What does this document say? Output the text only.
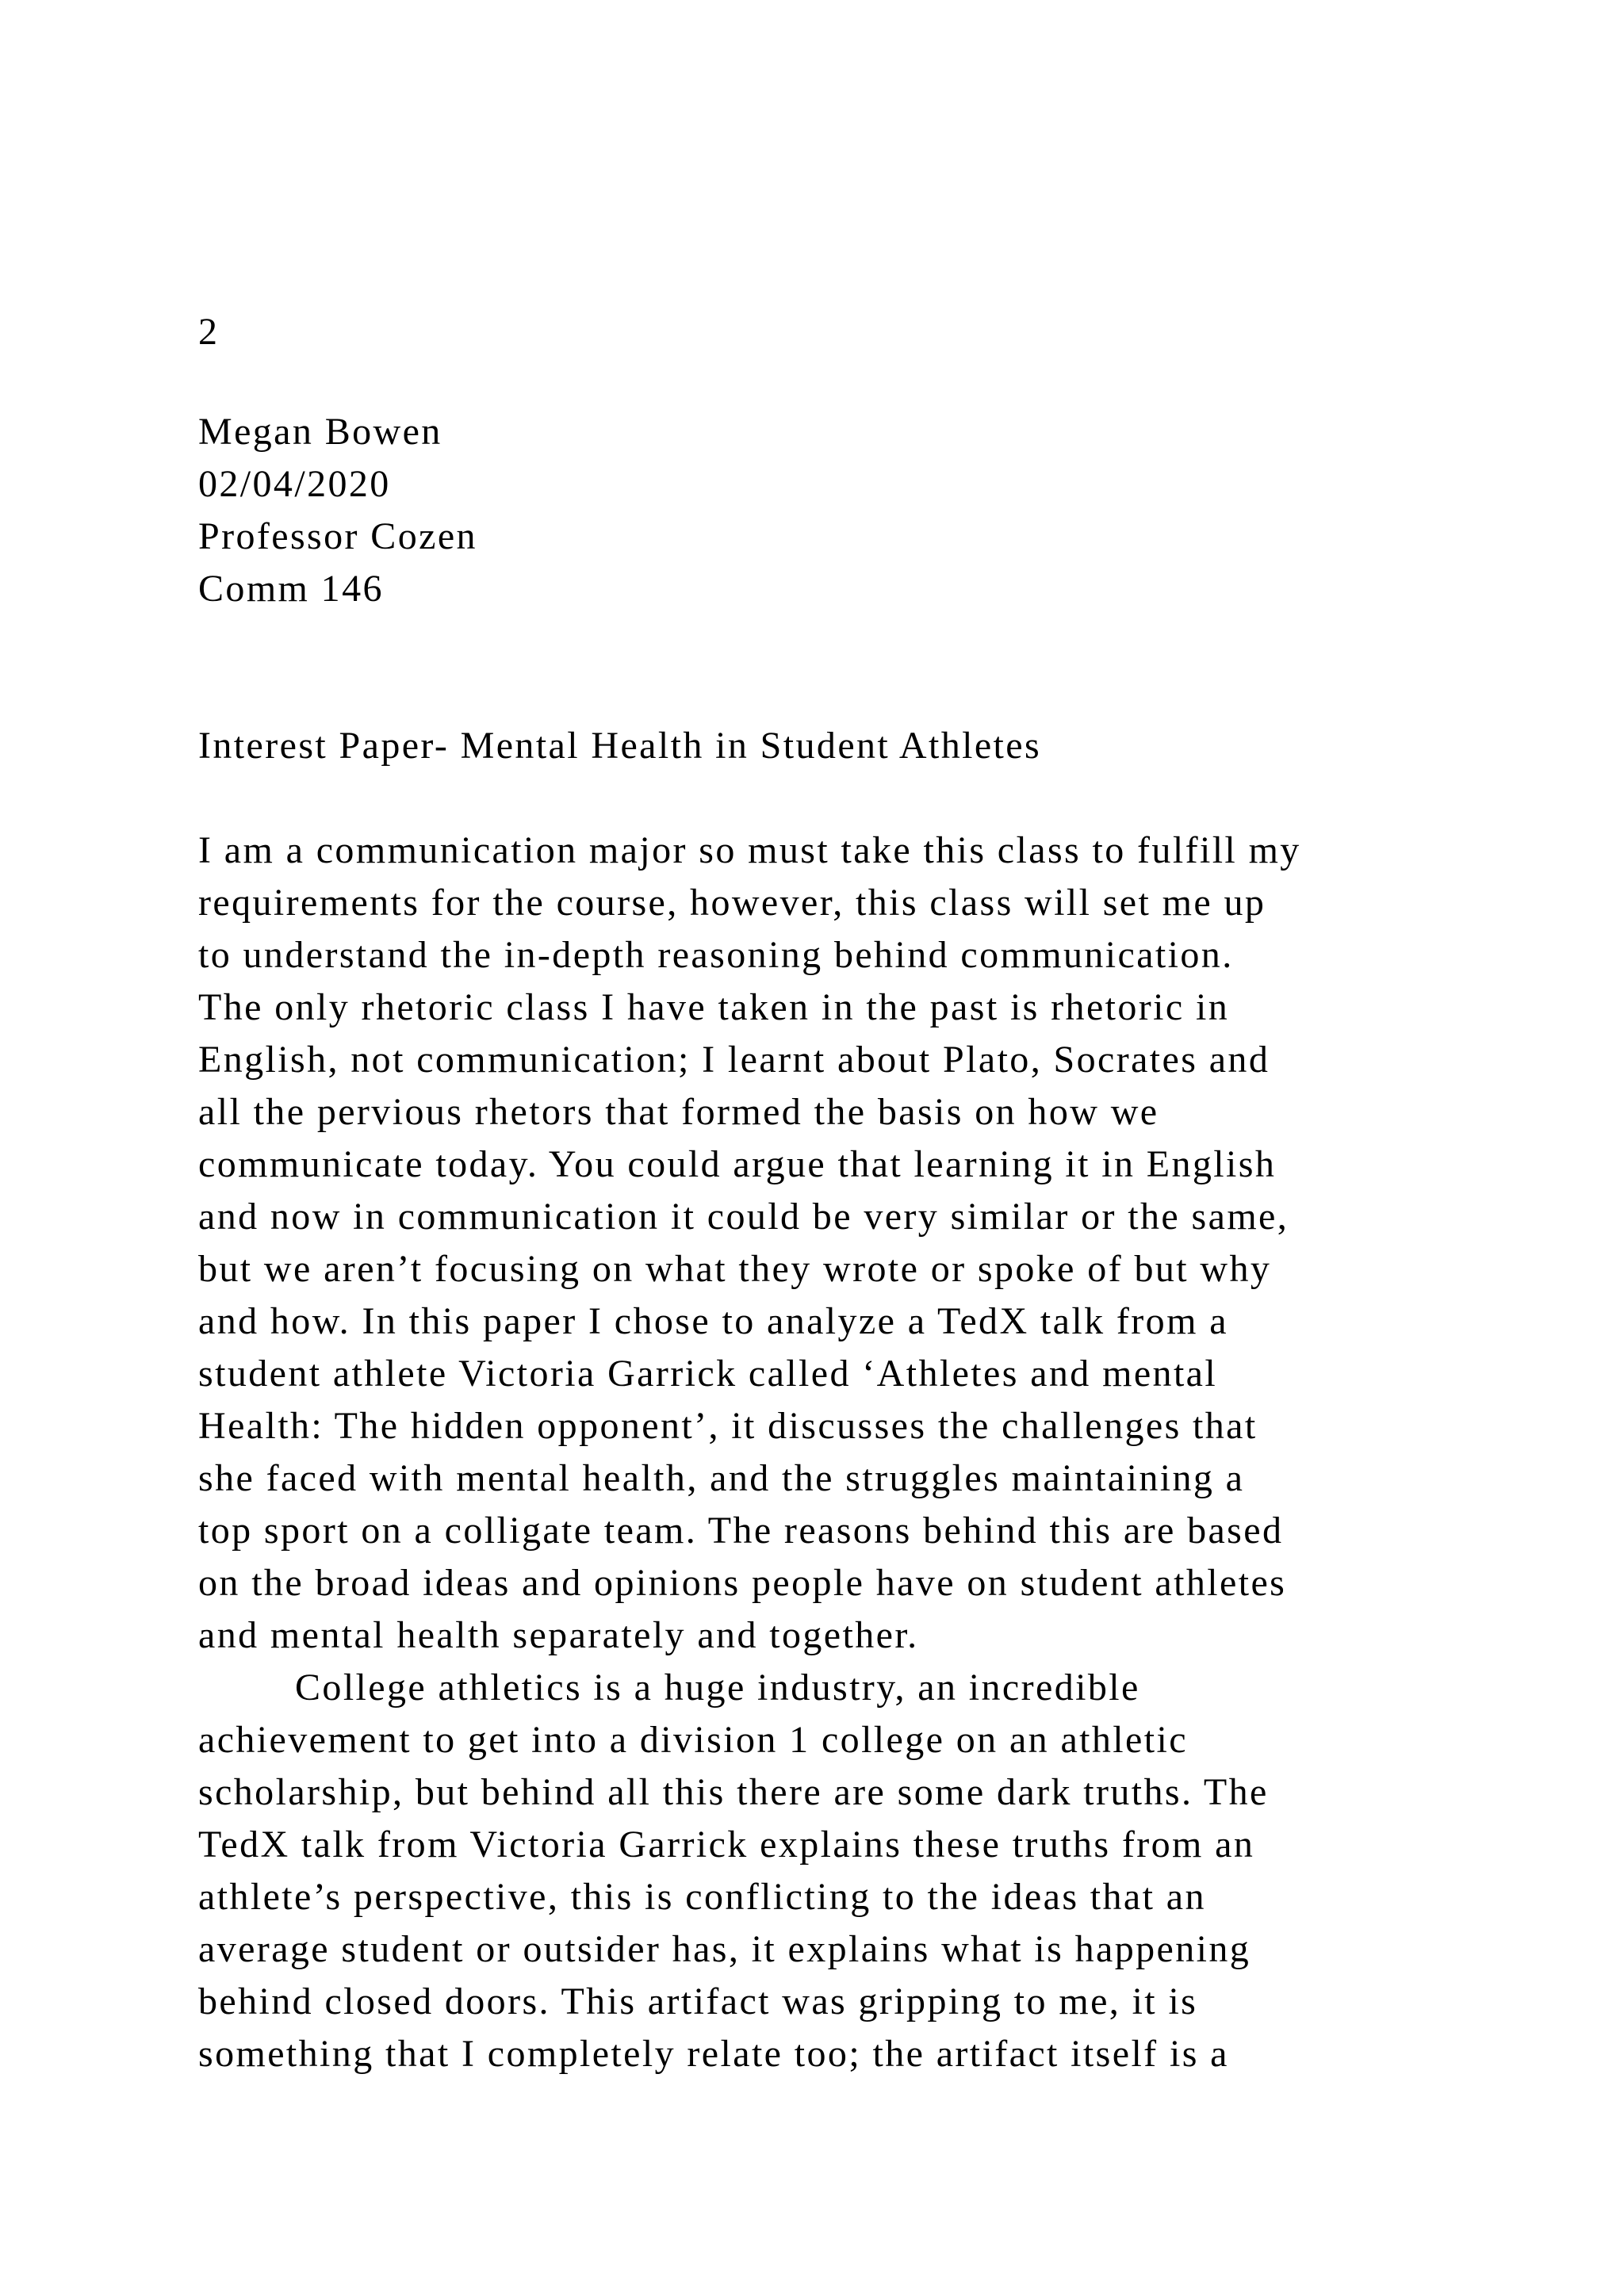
2
Megan Bowen
02/04/2020
Professor Cozen
Comm 146
Interest Paper- Mental Health in Student Athletes
I am a communication major so must take this class to fulfill my
requirements for the course, however, this class will set me up
to understand the in-depth reasoning behind communication.
The only rhetoric class I have taken in the past is rhetoric in
English, not communication; I learnt about Plato, Socrates and
all the pervious rhetors that formed the basis on how we
communicate today. You could argue that learning it in English
and now in communication it could be very similar or the same,
but we aren’t focusing on what they wrote or spoke of but why
and how. In this paper I chose to analyze a TedX talk from a
student athlete Victoria Garrick called ‘Athletes and mental
Health: The hidden opponent’, it discusses the challenges that
she faced with mental health, and the struggles maintaining a
top sport on a colligate team. The reasons behind this are based
on the broad ideas and opinions people have on student athletes
and mental health separately and together.
College athletics is a huge industry, an incredible
achievement to get into a division 1 college on an athletic
scholarship, but behind all this there are some dark truths. The
TedX talk from Victoria Garrick explains these truths from an
athlete’s perspective, this is conflicting to the ideas that an
average student or outsider has, it explains what is happening
behind closed doors. This artifact was gripping to me, it is
something that I completely relate too; the artifact itself is a
